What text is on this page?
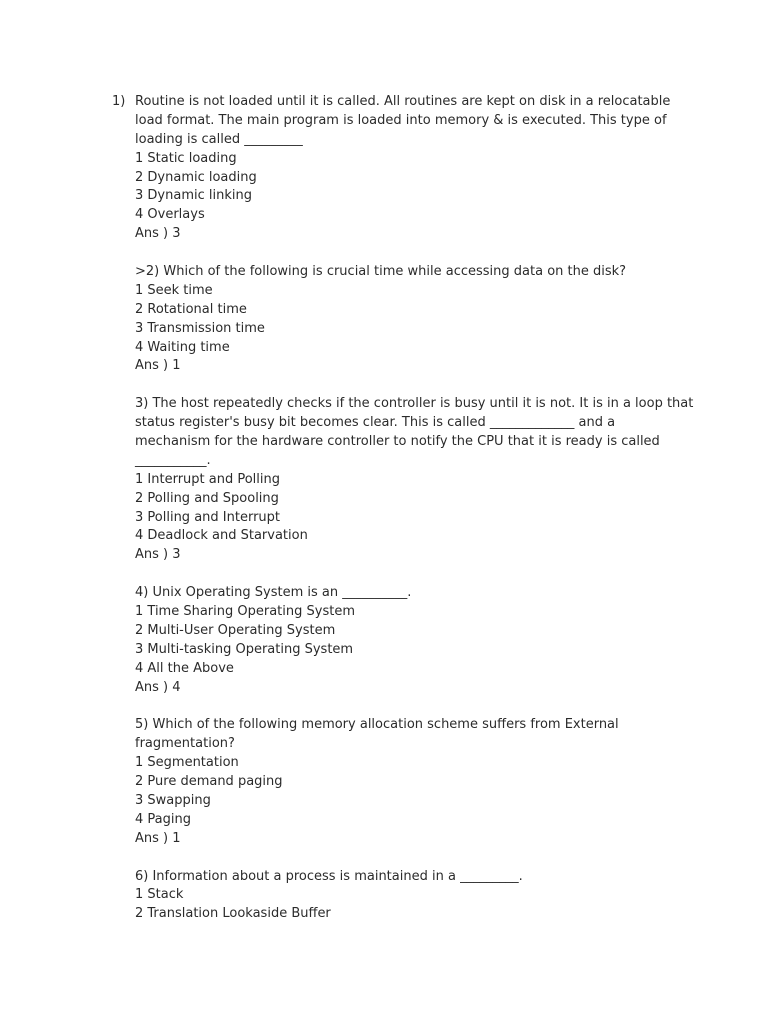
1) Routine is not loaded until it is called. All routines are kept on disk in a relocatable
load format. The main program is loaded into memory & is executed. This type of
loading is called _________
1 Static loading
2 Dynamic loading
3 Dynamic linking
4 Overlays
Ans ) 3
>2) Which of the following is crucial time while accessing data on the disk?
1 Seek time
2 Rotational time
3 Transmission time
4 Waiting time
Ans ) 1
3) The host repeatedly checks if the controller is busy until it is not. It is in a loop that
status register's busy bit becomes clear. This is called _____________ and a
mechanism for the hardware controller to notify the CPU that it is ready is called
___________.
1 Interrupt and Polling
2 Polling and Spooling
3 Polling and Interrupt
4 Deadlock and Starvation
Ans ) 3
4) Unix Operating System is an __________.
1 Time Sharing Operating System
2 Multi-User Operating System
3 Multi-tasking Operating System
4 All the Above
Ans ) 4
5) Which of the following memory allocation scheme suffers from External
fragmentation?
1 Segmentation
2 Pure demand paging
3 Swapping
4 Paging
Ans ) 1
6) Information about a process is maintained in a _________.
1 Stack
2 Translation Lookaside Buffer
